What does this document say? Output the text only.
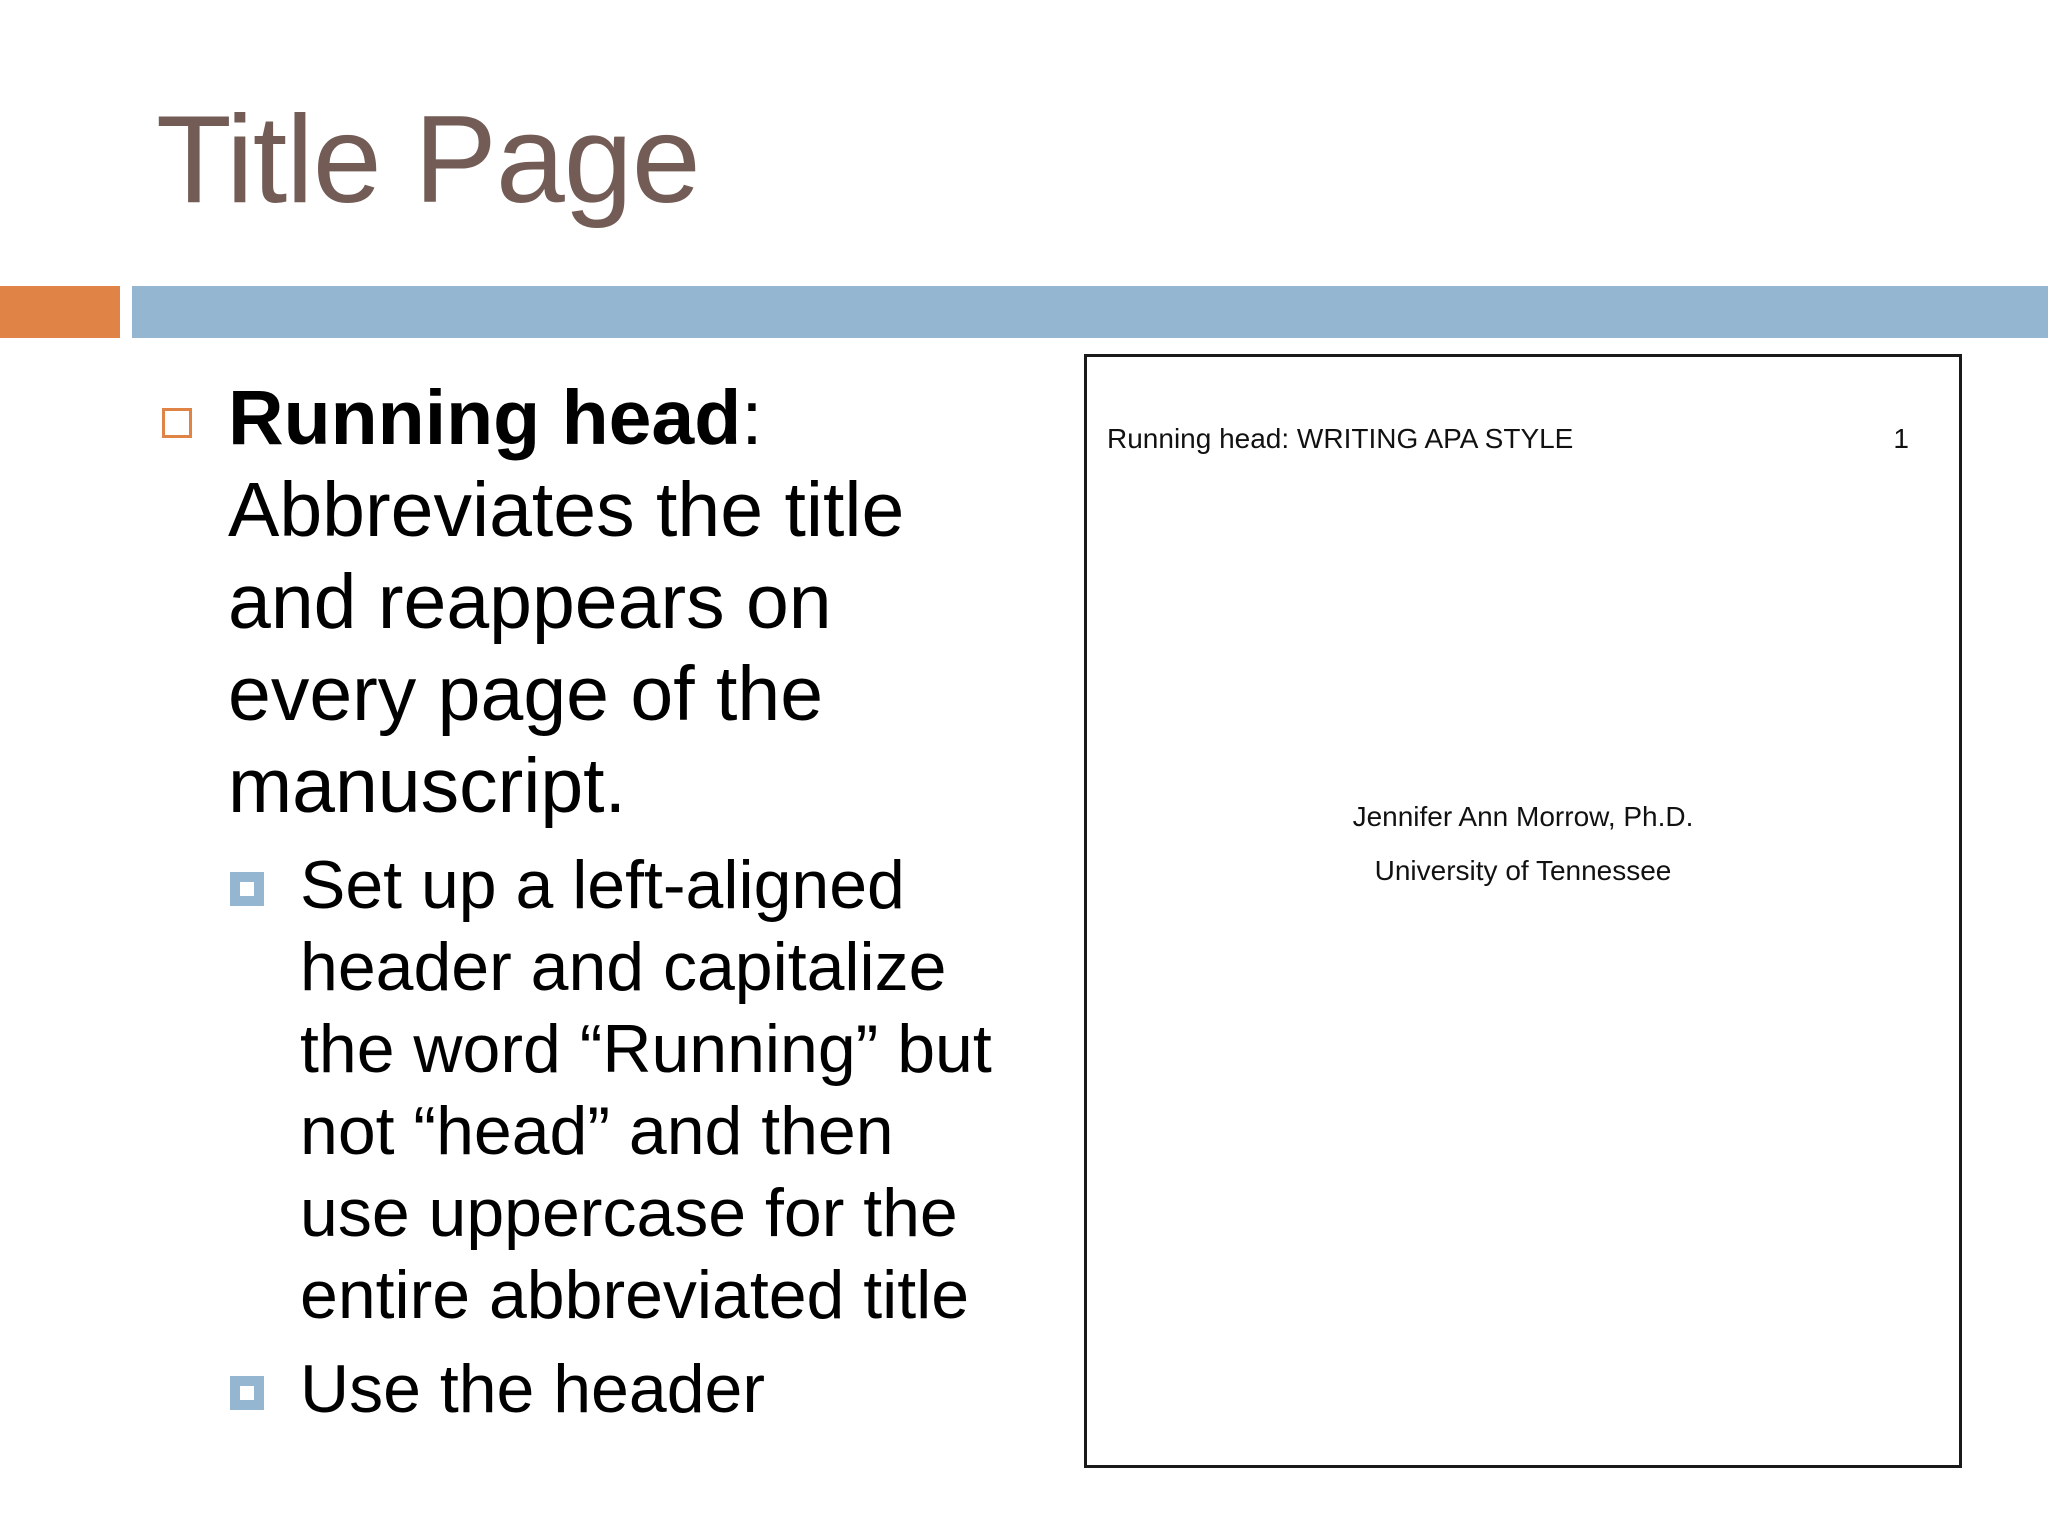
Title Page
Running head: Abbreviates the title and reappears on every page of the manuscript.
Set up a left-aligned header and capitalize the word “Running” but not “head” and then use uppercase for the entire abbreviated title
Use the header
Running head: WRITING APA STYLE	1
Jennifer Ann Morrow, Ph.D.
University of Tennessee
